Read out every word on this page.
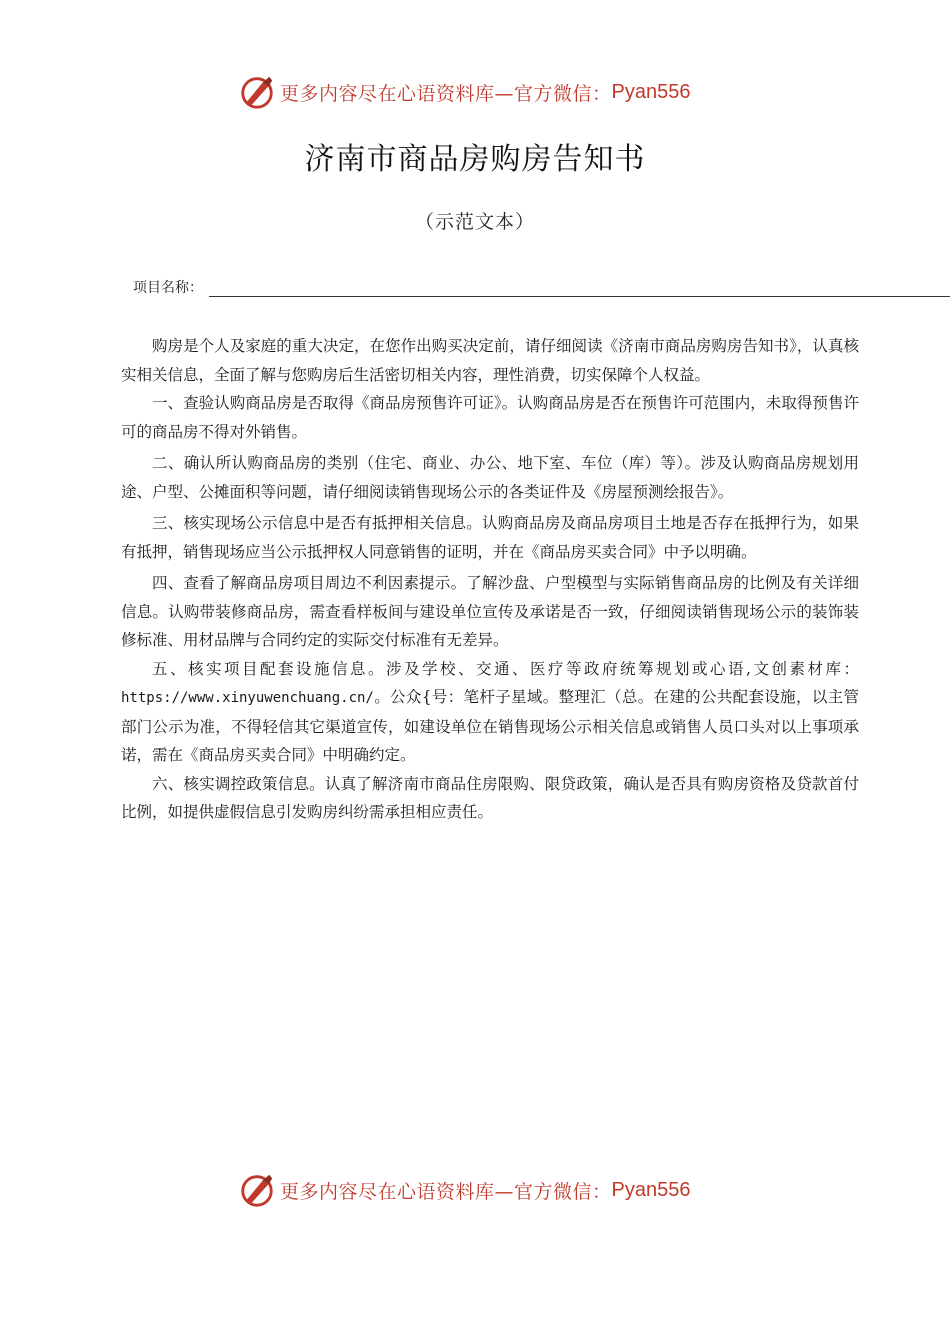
更多内容尽在心语资料库—官方微信： Pyan556
济南市商品房购房告知书
（示范文本）
项目名称：

购房是个人及家庭的重大决定，在您作出购买决定前，请仔细阅读《济南市商品房购房告知书》，认真核实相关信息，全面了解与您购房后生活密切相关内容，理性消费，切实保障个人权益。

一、查验认购商品房是否取得《商品房预售许可证》。认购商品房是否在预售许可范围内，未取得预售许可的商品房不得对外销售。

二、确认所认购商品房的类别（住宅、商业、办公、地下室、车位（库）等）。涉及认购商品房规划用途、户型、公摊面积等问题，请仔细阅读销售现场公示的各类证件及《房屋预测绘报告》。

三、核实现场公示信息中是否有抵押相关信息。认购商品房及商品房项目土地是否存在抵押行为，如果有抵押，销售现场应当公示抵押权人同意销售的证明，并在《商品房买卖合同》中予以明确。

四、查看了解商品房项目周边不利因素提示。了解沙盘、户型模型与实际销售商品房的比例及有关详细信息。认购带装修商品房，需查看样板间与建设单位宣传及承诺是否一致，仔细阅读销售现场公示的装饰装修标准、用材品牌与合同约定的实际交付标准有无差异。

五、核实项目配套设施信息。涉及学校、交通、医疗等政府统筹规划或心语,文创素材库：https://www.xinyuwenchuang.cn/。公众{号：笔杆子星域。整理汇（总。在建的公共配套设施，以主管部门公示为准，不得轻信其它渠道宣传，如建设单位在销售现场公示相关信息或销售人员口头对以上事项承诺，需在《商品房买卖合同》中明确约定。

六、核实调控政策信息。认真了解济南市商品住房限购、限贷政策，确认是否具有购房资格及贷款首付比例，如提供虚假信息引发购房纠纷需承担相应责任。

更多内容尽在心语资料库—官方微信： Pyan556
